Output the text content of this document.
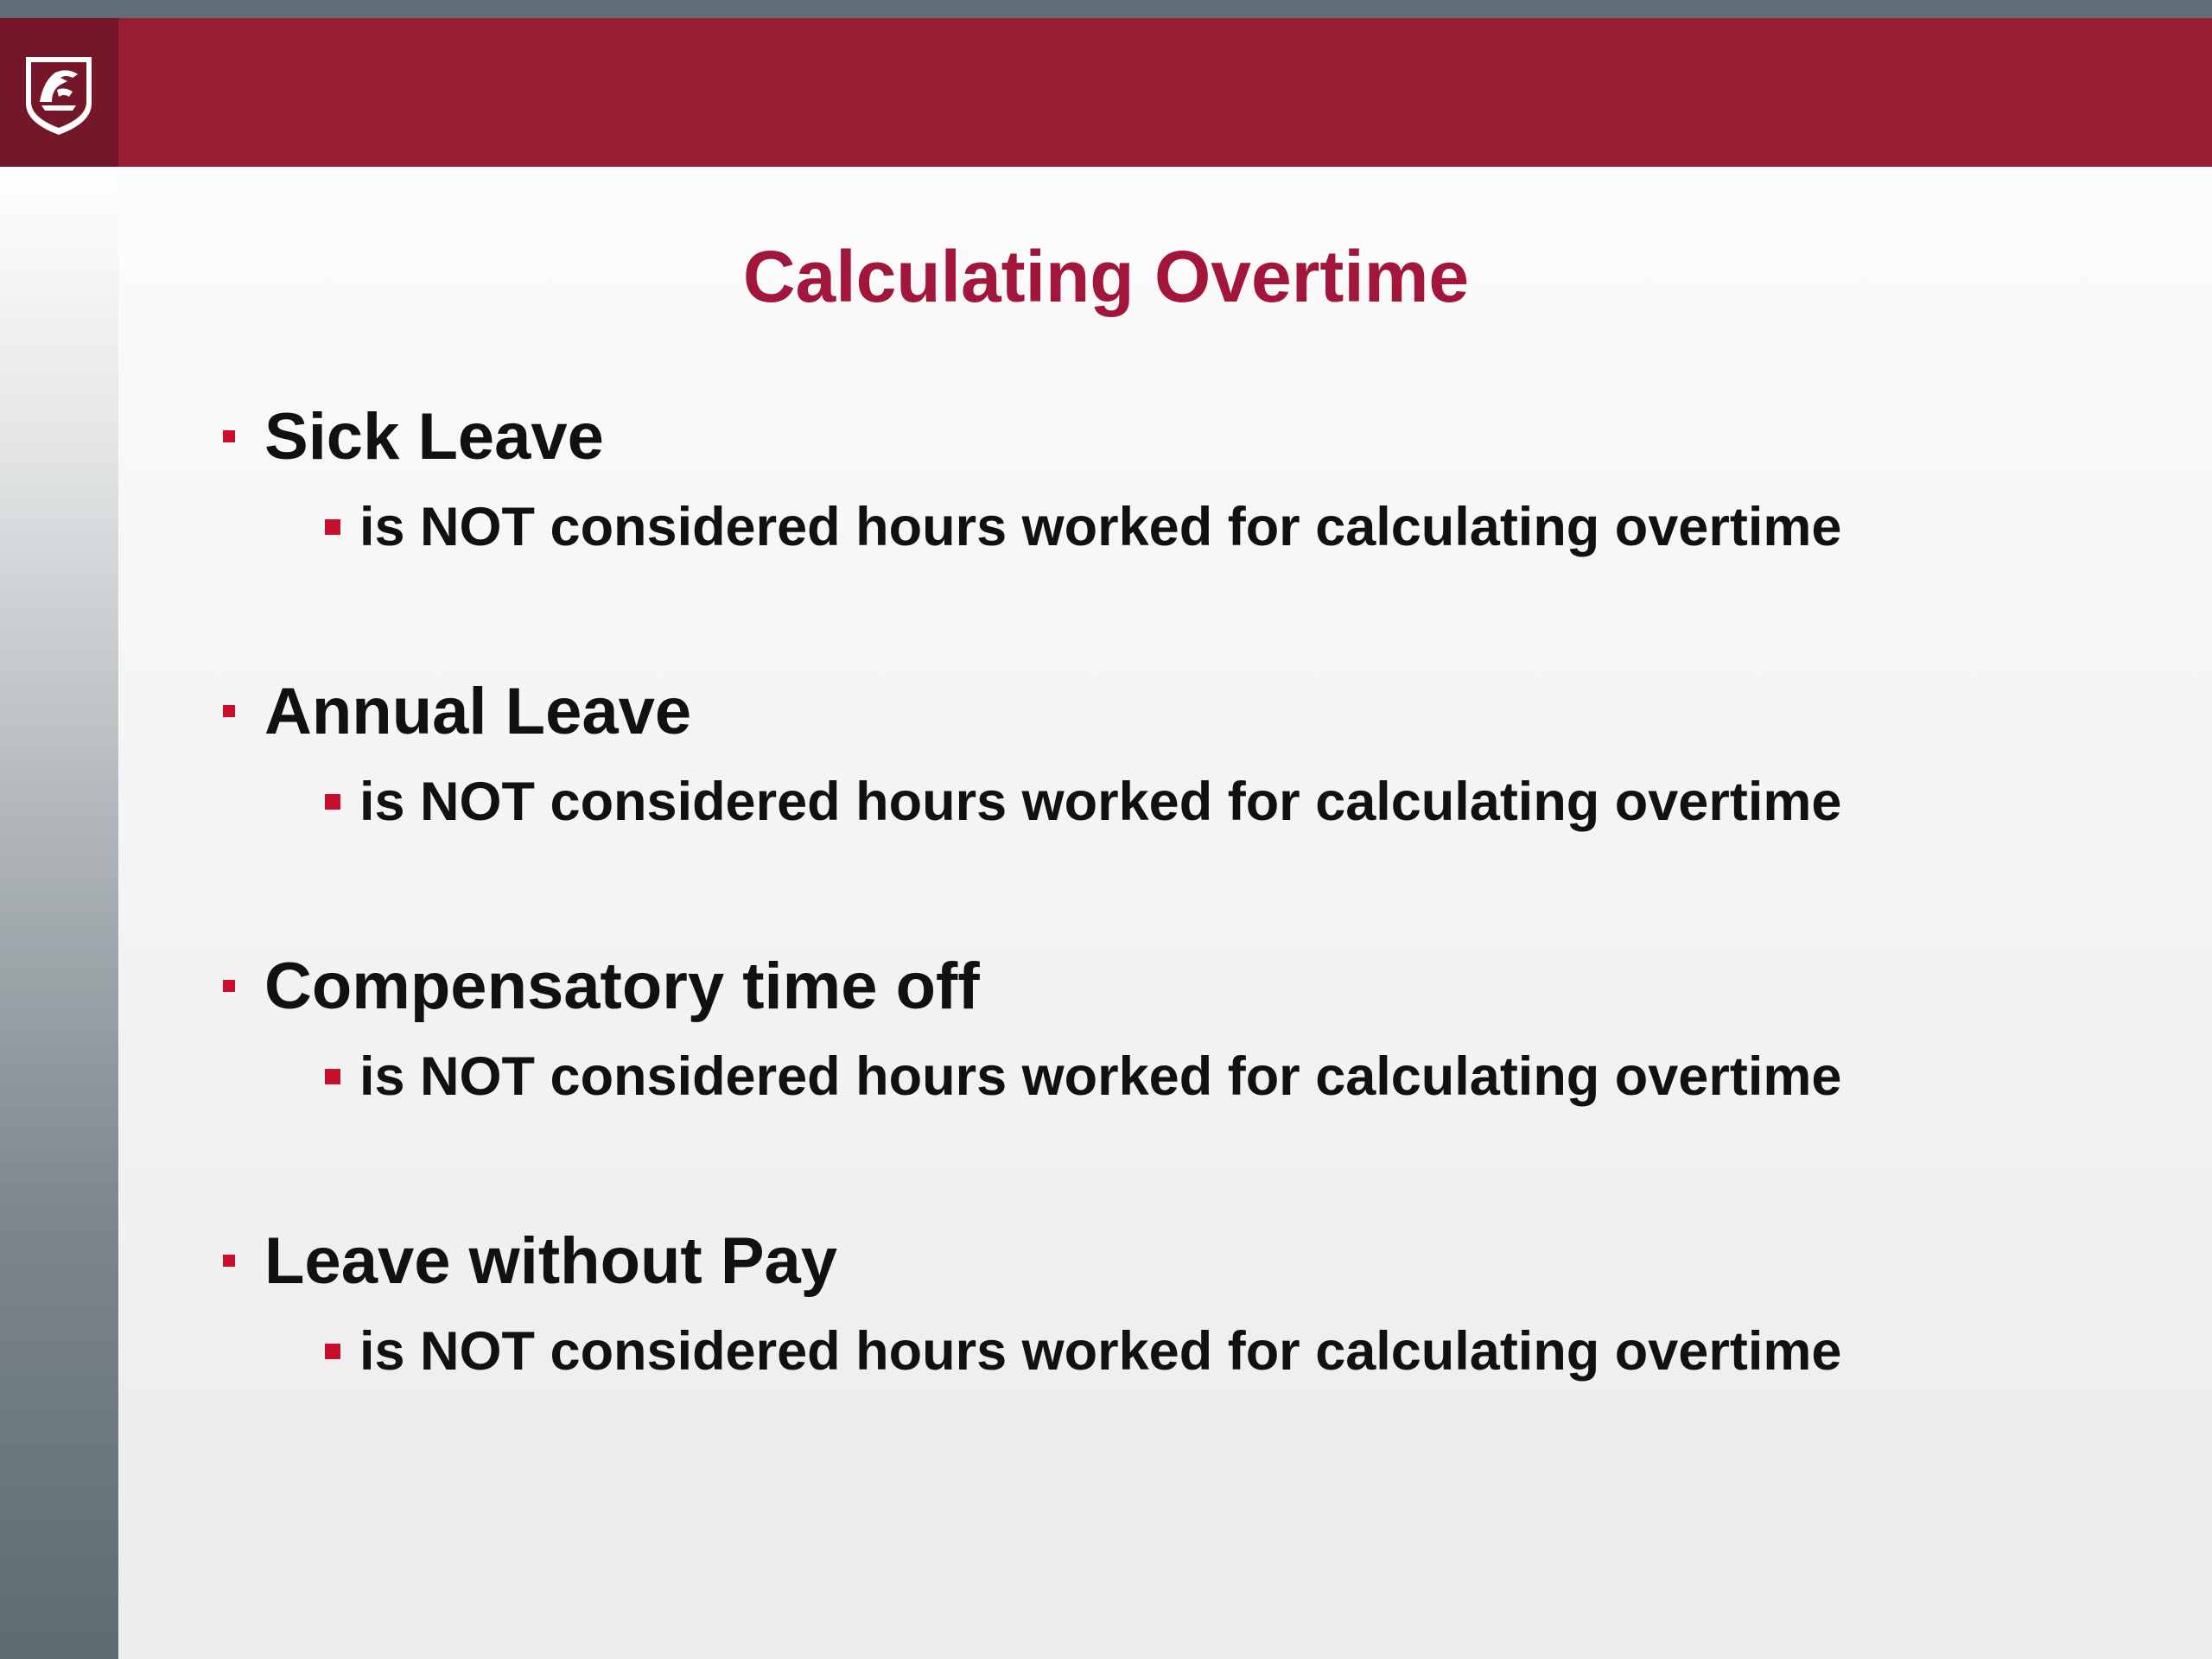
Calculating Overtime
Sick Leave
is NOT considered hours worked for calculating overtime
Annual Leave
is NOT considered hours worked for calculating overtime
Compensatory time off
is NOT considered hours worked for calculating overtime
Leave without Pay
is NOT considered hours worked for calculating overtime
